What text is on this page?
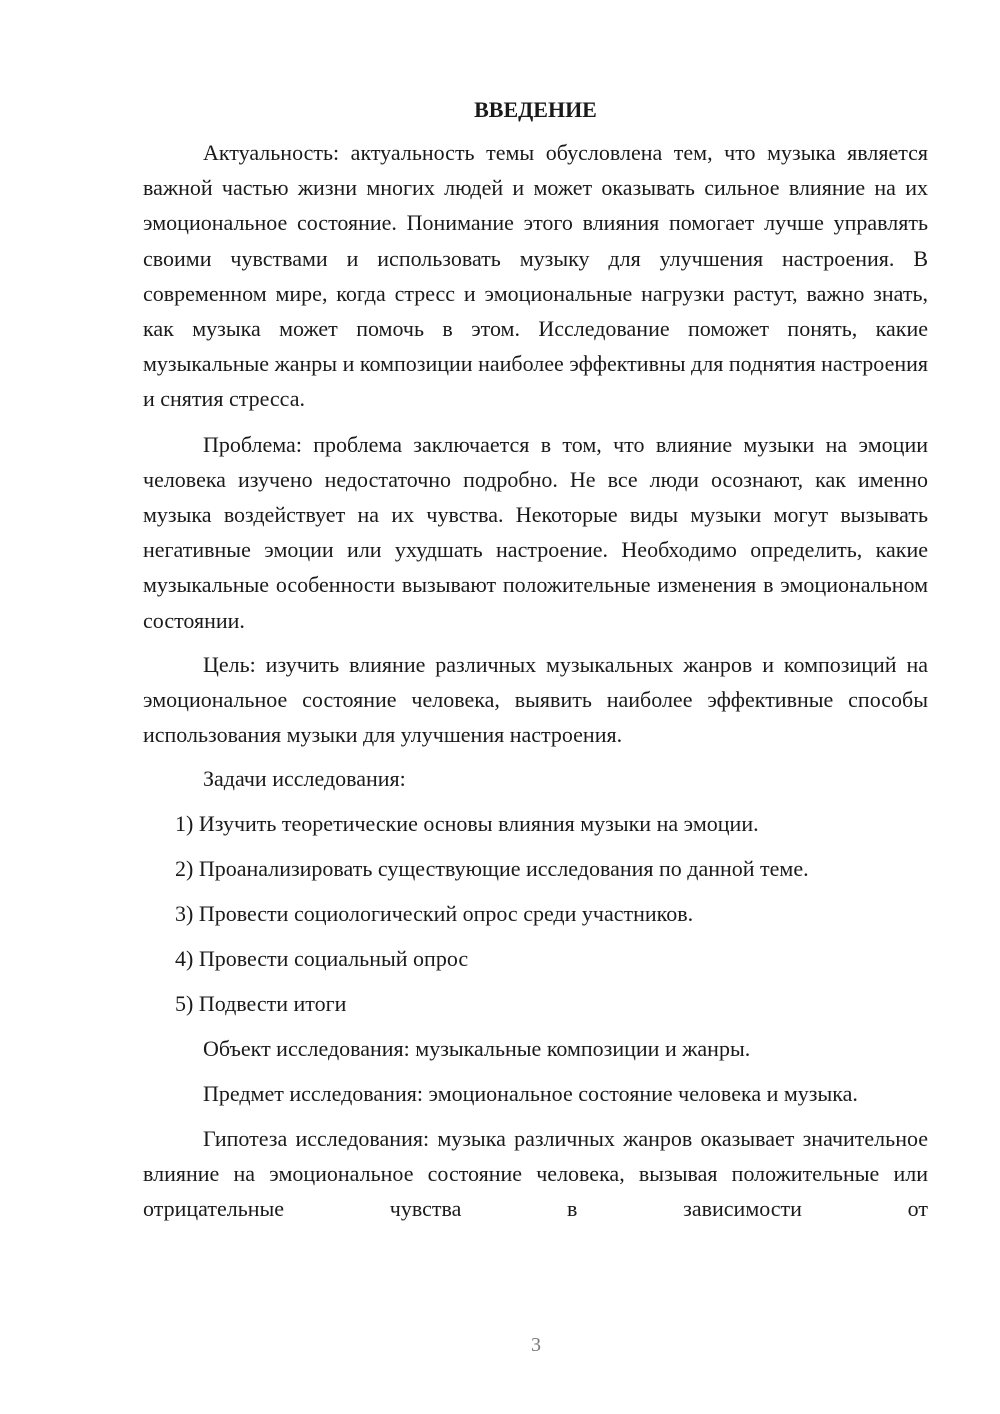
ВВЕДЕНИЕ

Актуальность: актуальность темы обусловлена тем, что музыка является важной частью жизни многих людей и может оказывать сильное влияние на их эмоциональное состояние. Понимание этого влияния помогает лучше управлять своими чувствами и использовать музыку для улучшения настроения. В современном мире, когда стресс и эмоциональные нагрузки растут, важно знать, как музыка может помочь в этом. Исследование поможет понять, какие музыкальные жанры и композиции наиболее эффективны для поднятия настроения и снятия стресса.

Проблема: проблема заключается в том, что влияние музыки на эмоции человека изучено недостаточно подробно. Не все люди осознают, как именно музыка воздействует на их чувства. Некоторые виды музыки могут вызывать негативные эмоции или ухудшать настроение. Необходимо определить, какие музыкальные особенности вызывают положительные изменения в эмоциональном состоянии.

Цель: изучить влияние различных музыкальных жанров и композиций на эмоциональное состояние человека, выявить наиболее эффективные способы использования музыки для улучшения настроения.

Задачи исследования:

1) Изучить теоретические основы влияния музыки на эмоции.

2) Проанализировать существующие исследования по данной теме.

3) Провести социологический опрос среди участников.

4) Провести социальный опрос

5) Подвести итоги

Объект исследования: музыкальные композиции и жанры.

Предмет исследования: эмоциональное состояние человека и музыка.

Гипотеза исследования: музыка различных жанров оказывает значительное влияние на эмоциональное состояние человека, вызывая положительные или отрицательные чувства в зависимости от

3
